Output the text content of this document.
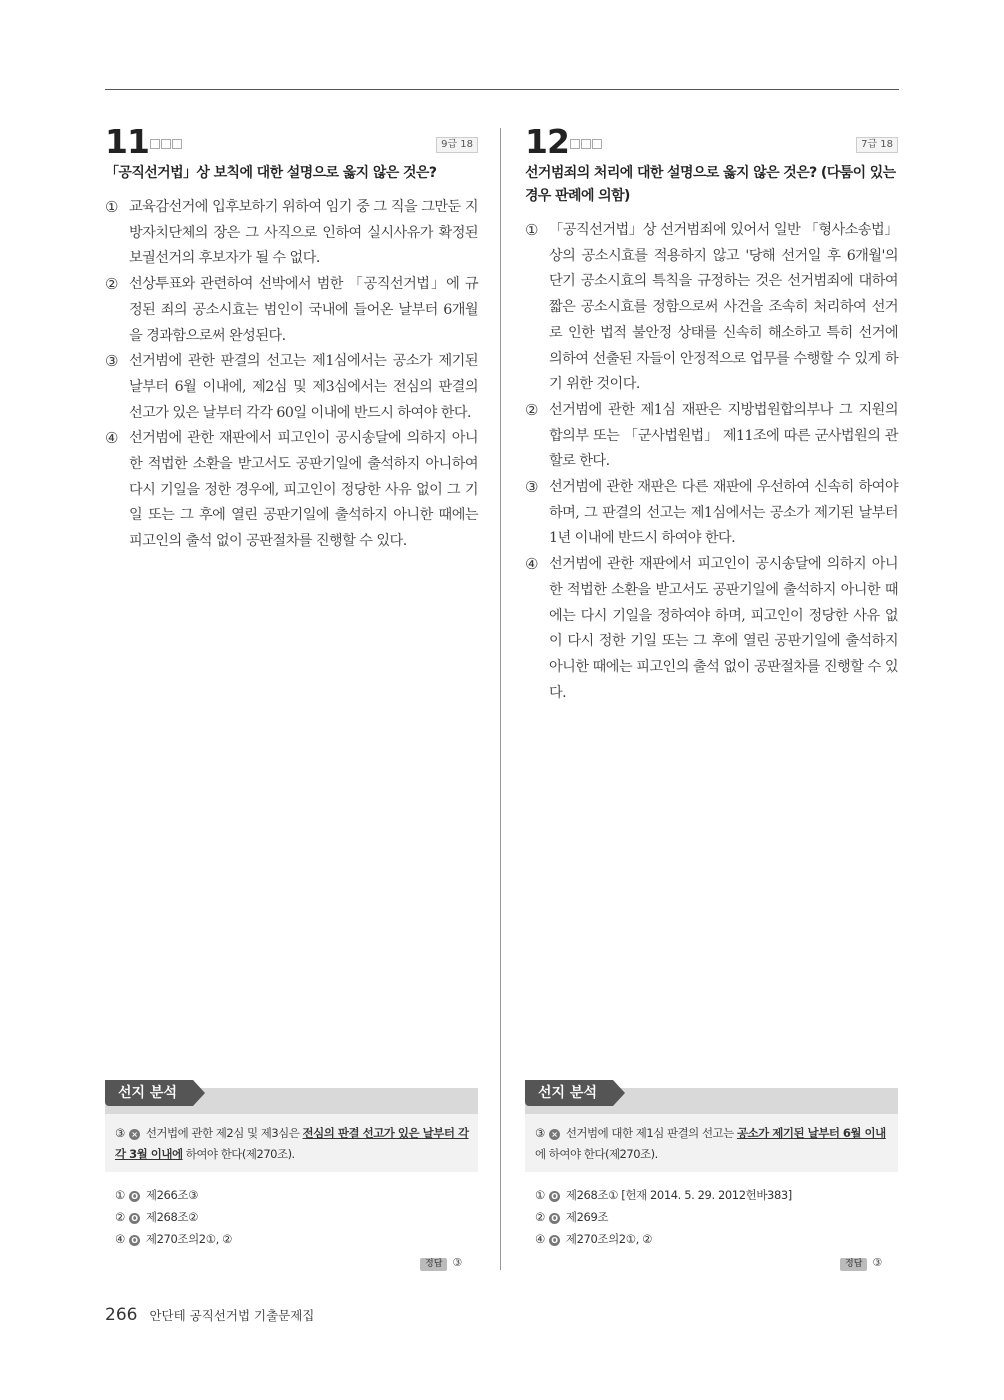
11	9급 18
「공직선거법」상 보칙에 대한 설명으로 옳지 않은 것은?
① 교육감선거에 입후보하기 위하여 임기 중 그 직을 그만둔 지방자치단체의 장은 그 사직으로 인하여 실시사유가 확정된 보궐선거의 후보자가 될 수 없다.
② 선상투표와 관련하여 선박에서 범한 「공직선거법」에 규정된 죄의 공소시효는 범인이 국내에 들어온 날부터 6개월을 경과함으로써 완성된다.
③ 선거범에 관한 판결의 선고는 제1심에서는 공소가 제기된 날부터 6월 이내에, 제2심 및 제3심에서는 전심의 판결의 선고가 있은 날부터 각각 60일 이내에 반드시 하여야 한다.
④ 선거범에 관한 재판에서 피고인이 공시송달에 의하지 아니한 적법한 소환을 받고서도 공판기일에 출석하지 아니하여 다시 기일을 정한 경우에, 피고인이 정당한 사유 없이 그 기일 또는 그 후에 열린 공판기일에 출석하지 아니한 때에는 피고인의 출석 없이 공판절차를 진행할 수 있다.
12	7급 18
선거범죄의 처리에 대한 설명으로 옳지 않은 것은? (다툼이 있는 경우 판례에 의함)
① 「공직선거법」상 선거범죄에 있어서 일반 「형사소송법」상의 공소시효를 적용하지 않고 '당해 선거일 후 6개월'의 단기 공소시효의 특칙을 규정하는 것은 선거범죄에 대하여 짧은 공소시효를 정함으로써 사건을 조속히 처리하여 선거로 인한 법적 불안정 상태를 신속히 해소하고 특히 선거에 의하여 선출된 자들이 안정적으로 업무를 수행할 수 있게 하기 위한 것이다.
② 선거범에 관한 제1심 재판은 지방법원합의부나 그 지원의 합의부 또는 「군사법원법」 제11조에 따른 군사법원의 관할로 한다.
③ 선거범에 관한 재판은 다른 재판에 우선하여 신속히 하여야 하며, 그 판결의 선고는 제1심에서는 공소가 제기된 날부터 1년 이내에 반드시 하여야 한다.
④ 선거범에 관한 재판에서 피고인이 공시송달에 의하지 아니한 적법한 소환을 받고서도 공판기일에 출석하지 아니한 때에는 다시 기일을 정하여야 하며, 피고인이 정당한 사유 없이 다시 정한 기일 또는 그 후에 열린 공판기일에 출석하지 아니한 때에는 피고인의 출석 없이 공판절차를 진행할 수 있다.
선지 분석
③ × 선거법에 관한 제2심 및 제3심은 전심의 판결 선고가 있은 날부터 각각 3월 이내에 하여야 한다(제270조).
① O 제266조③
② O 제268조②
④ O 제270조의2①, ②
선지 분석
③ × 선거범에 대한 제1심 판결의 선고는 공소가 제기된 날부터 6월 이내에 하여야 한다(제270조).
① O 제268조① [헌재 2014. 5. 29. 2012헌바383]
② O 제269조
④ O 제270조의2①, ②
정답 ③	정답 ③
266 안단테 공직선거법 기출문제집
